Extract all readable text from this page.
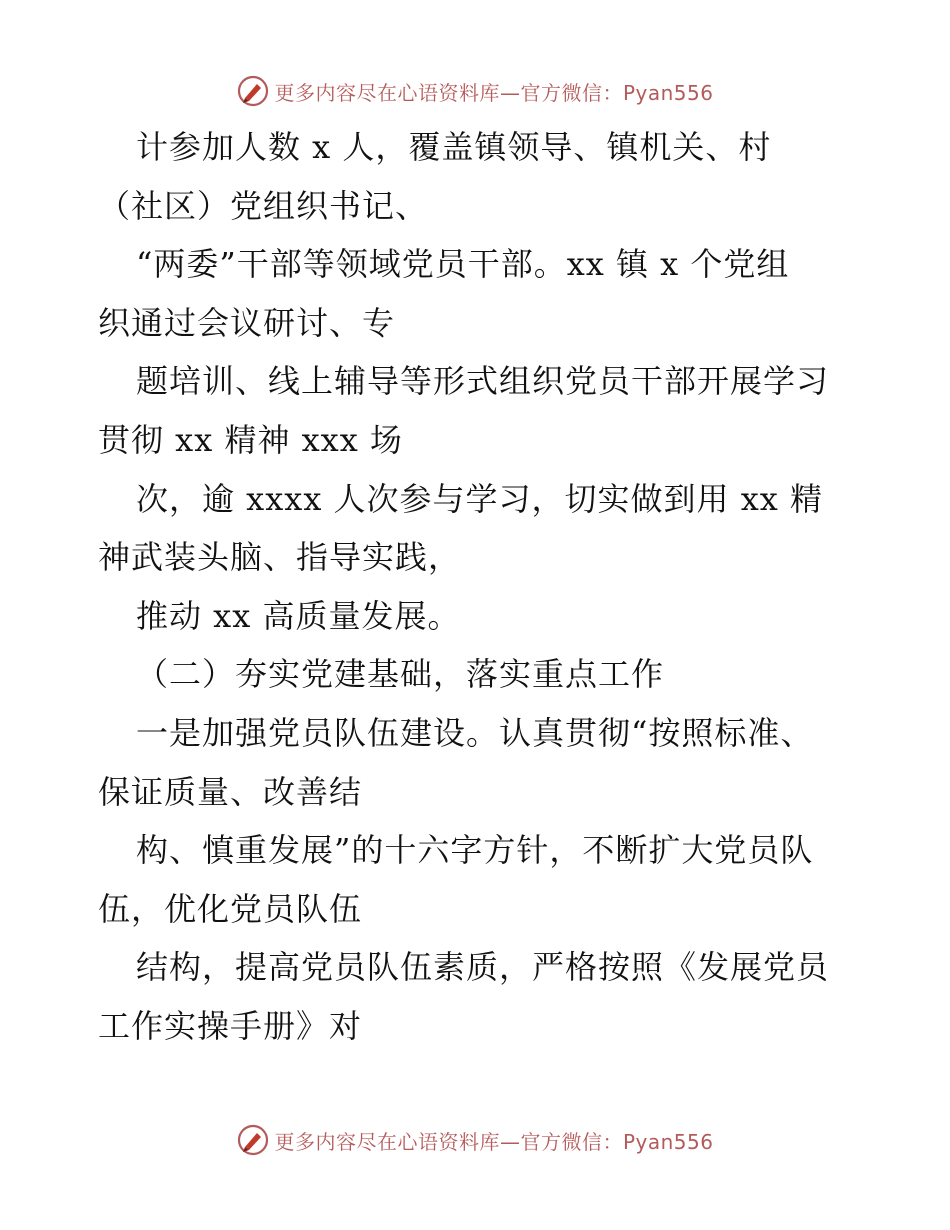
更多内容尽在心语资料库—官方微信：Pyan556
计参加人数 x 人，覆盖镇领导、镇机关、村
（社区）党组织书记、
“两委”干部等领域党员干部。xx 镇 x 个党组
织通过会议研讨、专
题培训、线上辅导等形式组织党员干部开展学习
贯彻 xx 精神 xxx 场
次，逾 xxxx 人次参与学习，切实做到用 xx 精
神武装头脑、指导实践，
推动 xx 高质量发展。
（二）夯实党建基础，落实重点工作
一是加强党员队伍建设。认真贯彻“按照标准、
保证质量、改善结
构、慎重发展”的十六字方针，不断扩大党员队
伍，优化党员队伍
结构，提高党员队伍素质，严格按照《发展党员
工作实操手册》对
更多内容尽在心语资料库—官方微信：Pyan556
